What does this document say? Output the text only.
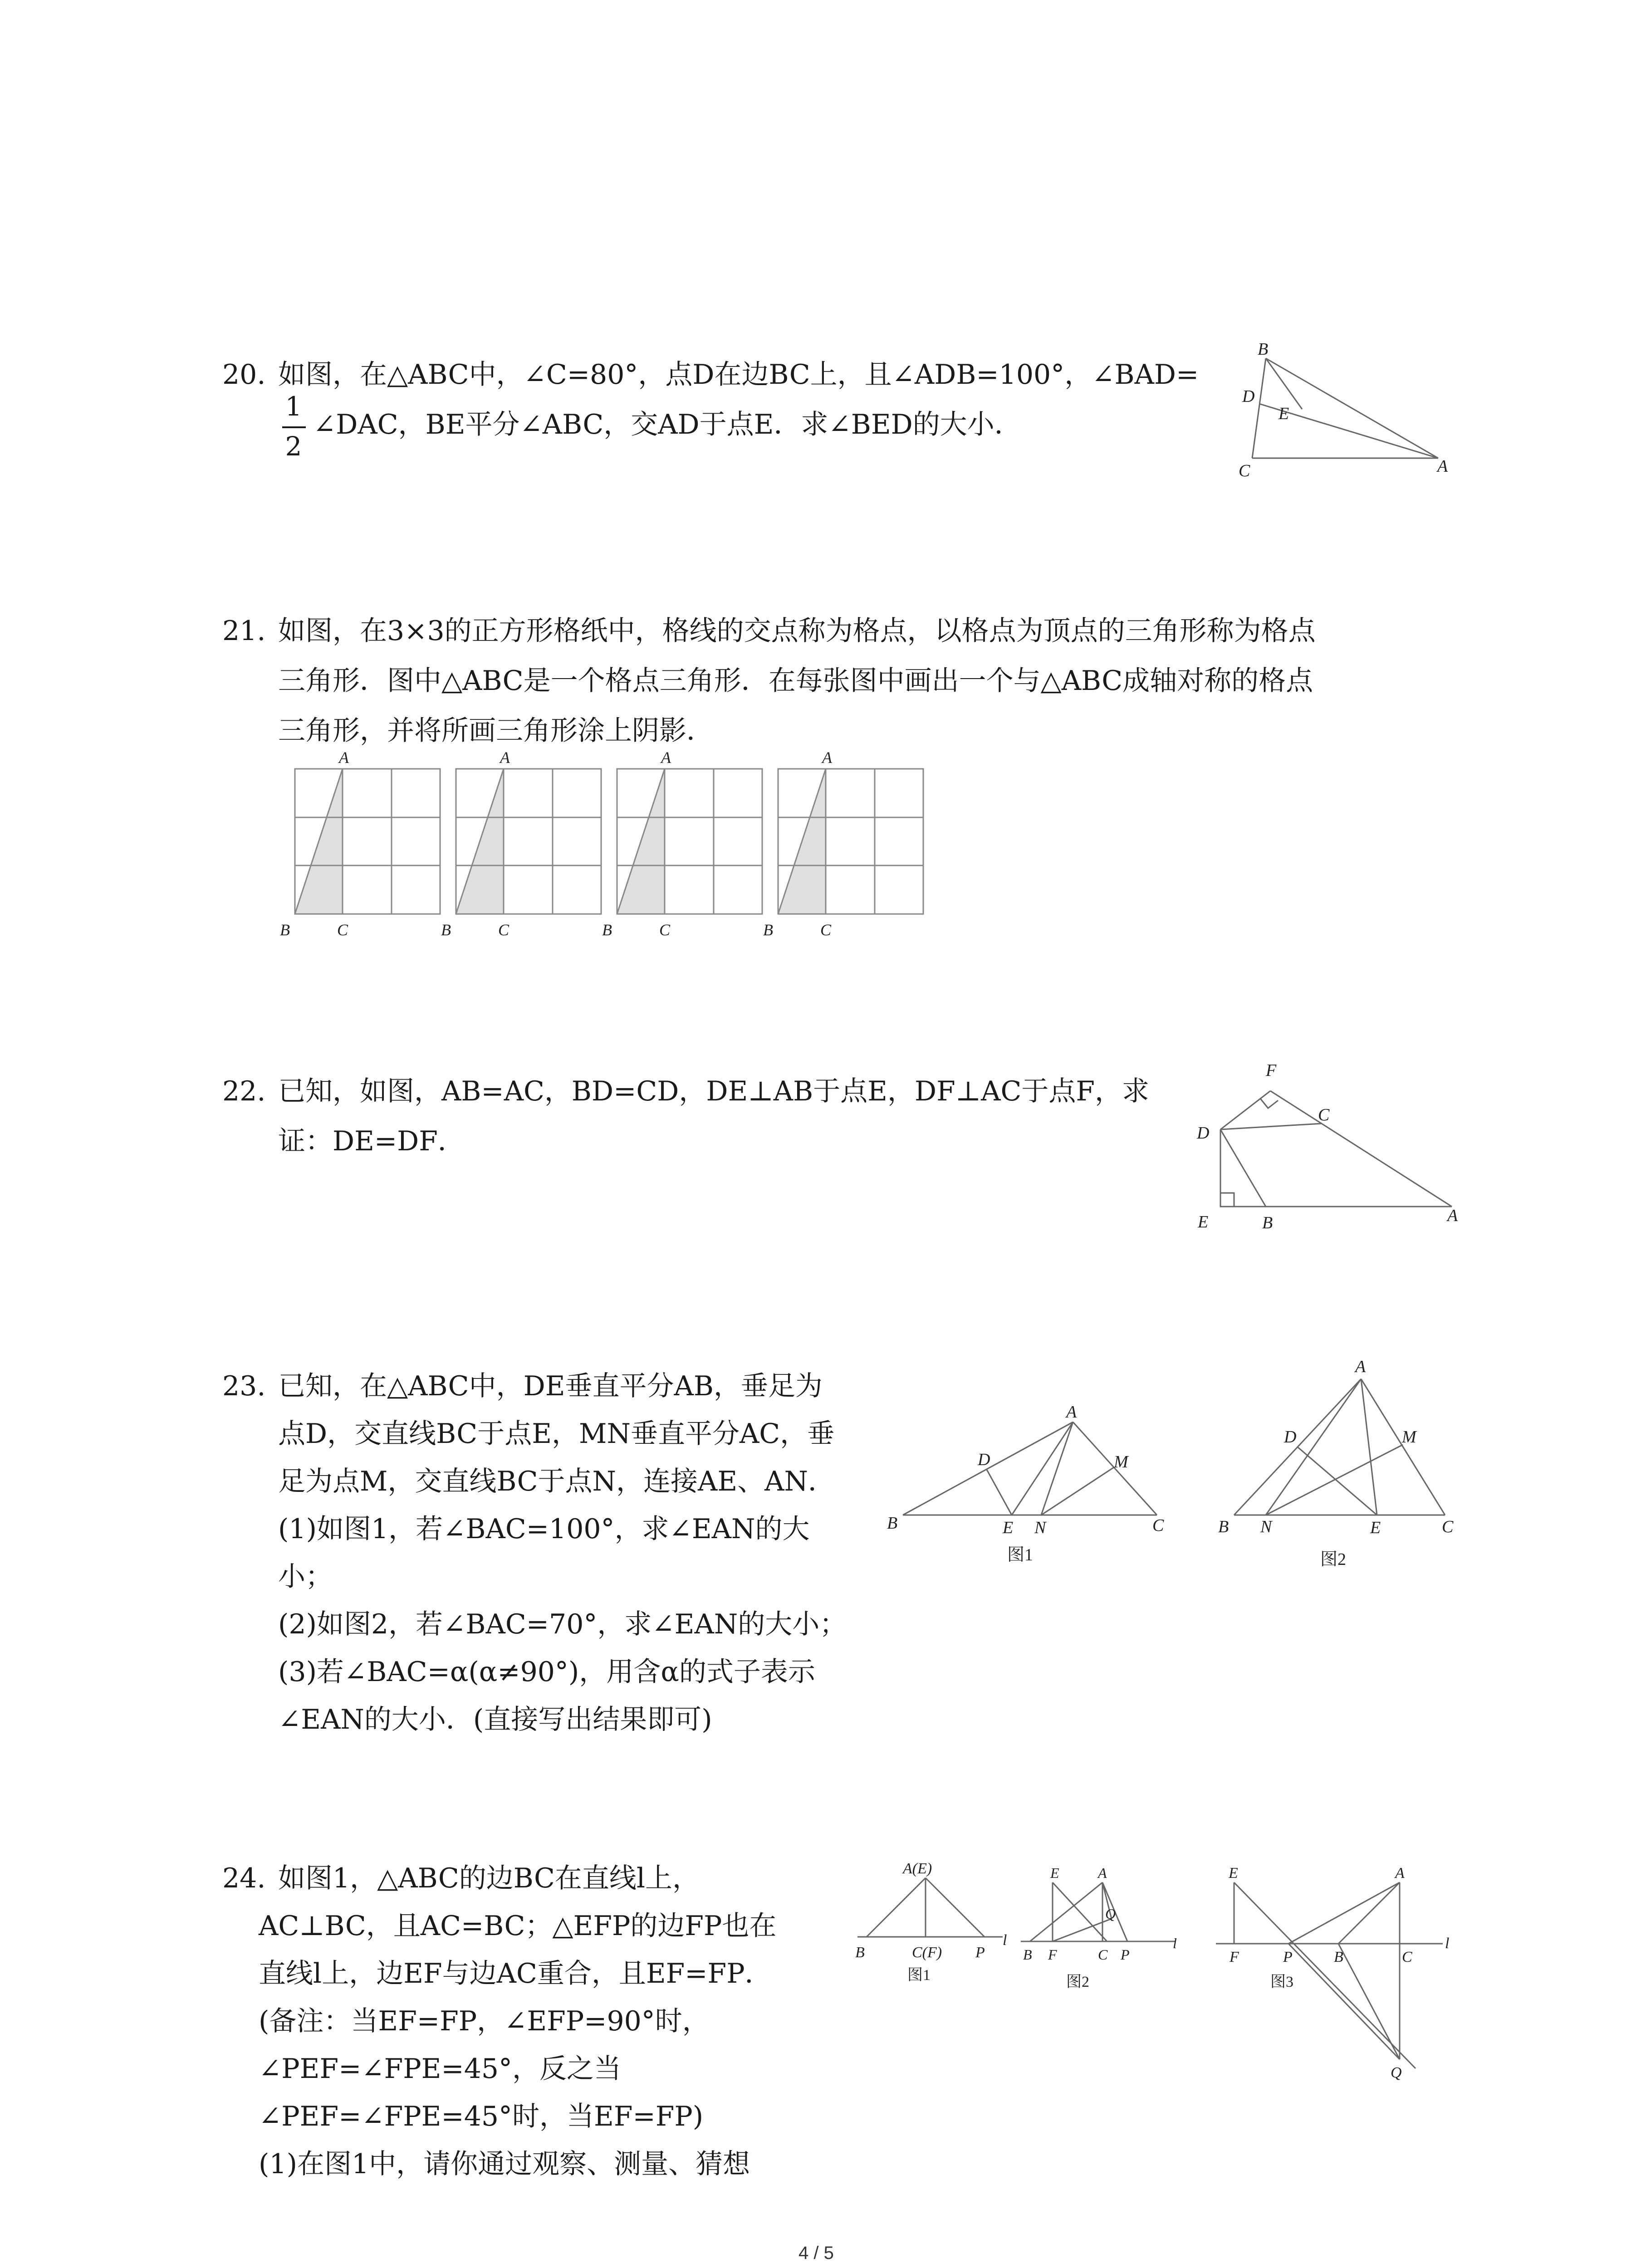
20. 如图，在△ABC中，∠C=80°，点D在边BC上，且∠ADB=100°，∠BAD=
1
2
∠DAC，BE平分∠ABC，交AD于点E．求∠BED的大小．
B
D
E
C	A
21. 如图，在3×3的正方形格纸中，格线的交点称为格点，以格点为顶点的三角形称为格点
三角形．图中△ABC是一个格点三角形．在每张图中画出一个与△ABC成轴对称的格点
三角形，并将所画三角形涂上阴影．
A
B	C
A
B	C
A
B	C
A
B	C
22. 已知，如图，AB=AC，BD=CD，DE⊥AB于点E，DF⊥AC于点F，求
证：DE=DF．
F
C
D
E	B	A
23. 已知，在△ABC中，DE垂直平分AB，垂足为
点D，交直线BC于点E，MN垂直平分AC，垂
足为点M，交直线BC于点N，连接AE、AN．
(1)如图1，若∠BAC=100°，求∠EAN的大
小；
(2)如图2，若∠BAC=70°，求∠EAN的大小；
(3)若∠BAC=α(α≠90°)，用含α的式子表示
∠EAN的大小．(直接写出结果即可)
A
D	M
B	E N	C
图1
A
D	M
B N	E	C
图2
24. 如图1，△ABC的边BC在直线l上，
AC⊥BC，且AC=BC；△EFP的边FP也在
直线l上，边EF与边AC重合，且EF=FP．
(备注：当EF=FP，∠EFP=90°时，
∠PEF=∠FPE=45°，反之当
∠PEF=∠FPE=45°时，当EF=FP)
(1)在图1中，请你通过观察、测量、猜想
A(E)
B	C(F) P
l
图1
E	A
Q
B F	C P
l
图2
E	A
F	P	B	C
Q
l
图3
4 / 5
